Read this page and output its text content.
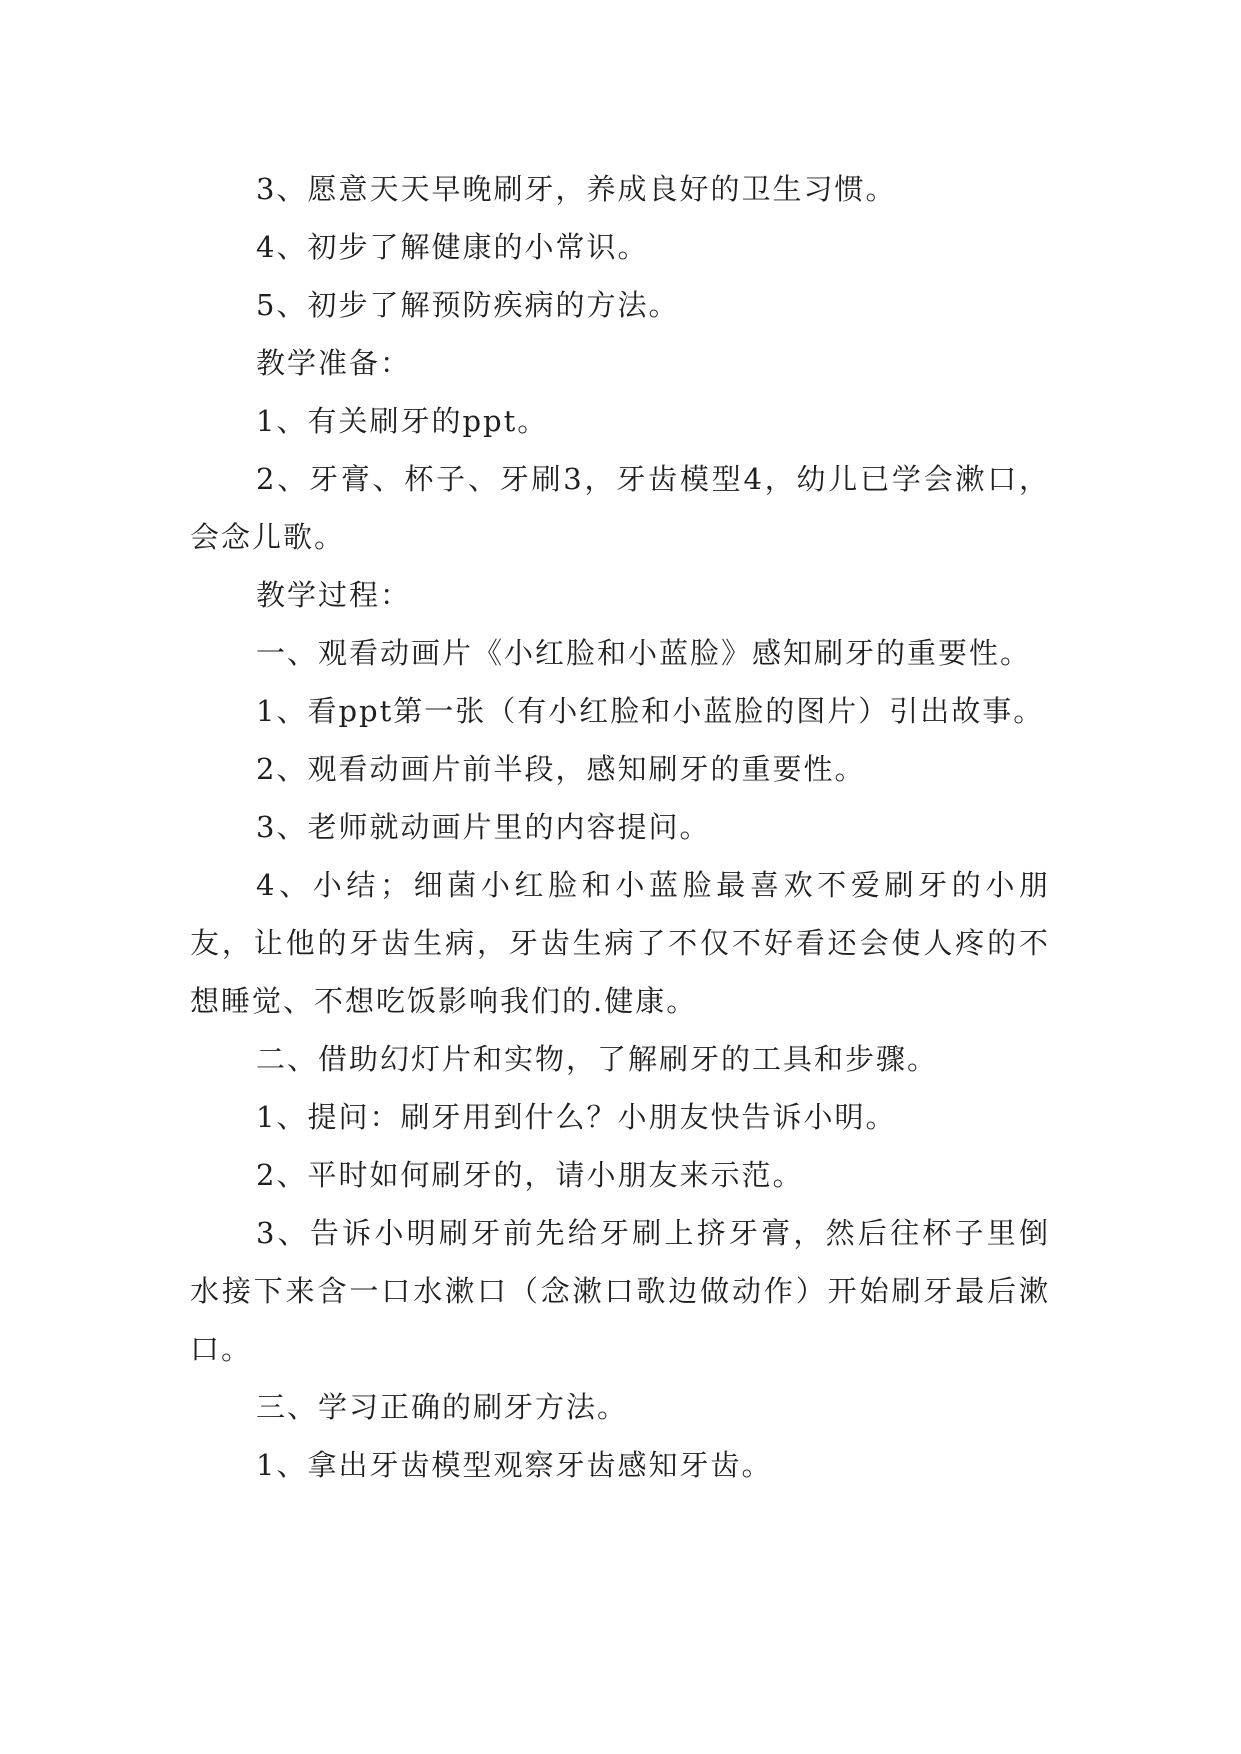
3、愿意天天早晚刷牙，养成良好的卫生习惯。

4、初步了解健康的小常识。

5、初步了解预防疾病的方法。

教学准备：

1、有关刷牙的ppt。

2、牙膏、杯子、牙刷3，牙齿模型4，幼儿已学会漱口，会念儿歌。

教学过程：

一、观看动画片《小红脸和小蓝脸》感知刷牙的重要性。

1、看ppt第一张（有小红脸和小蓝脸的图片）引出故事。

2、观看动画片前半段，感知刷牙的重要性。

3、老师就动画片里的内容提问。

4、小结；细菌小红脸和小蓝脸最喜欢不爱刷牙的小朋友，让他的牙齿生病，牙齿生病了不仅不好看还会使人疼的不想睡觉、不想吃饭影响我们的.健康。

二、借助幻灯片和实物，了解刷牙的工具和步骤。

1、提问：刷牙用到什么？小朋友快告诉小明。

2、平时如何刷牙的，请小朋友来示范。

3、告诉小明刷牙前先给牙刷上挤牙膏，然后往杯子里倒水接下来含一口水漱口（念漱口歌边做动作）开始刷牙最后漱口。

三、学习正确的刷牙方法。

1、拿出牙齿模型观察牙齿感知牙齿。
